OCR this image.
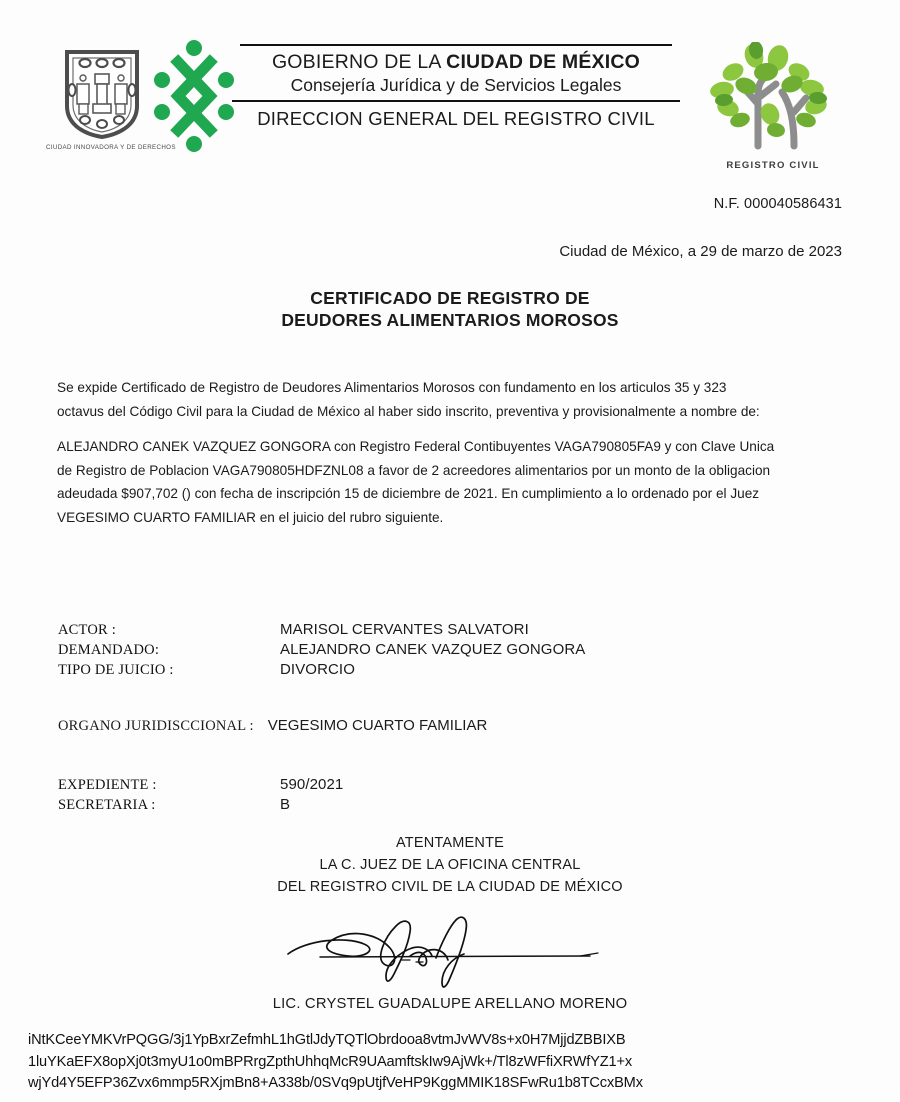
CIUDAD INNOVADORA Y DE DERECHOS
GOBIERNO DE LA CIUDAD DE MÉXICO
Consejería Jurídica y de Servicios Legales
DIRECCION GENERAL DEL REGISTRO CIVIL
REGISTRO CIVIL
N.F. 000040586431
Ciudad de México, a 29 de marzo de 2023
CERTIFICADO DE REGISTRO DE
DEUDORES ALIMENTARIOS MOROSOS

Se expide Certificado de Registro de Deudores Alimentarios Morosos con fundamento en los articulos 35 y 323 octavus del Código Civil para la Ciudad de México al haber sido inscrito, preventiva y provisionalmente a nombre de:

ALEJANDRO CANEK VAZQUEZ GONGORA con Registro Federal Contibuyentes VAGA790805FA9 y con Clave Unica de Registro de Poblacion VAGA790805HDFZNL08 a favor de 2 acreedores alimentarios por un monto de la obligacion adeudada $907,702 () con fecha de inscripción 15 de diciembre de 2021. En cumplimiento a lo ordenado por el Juez VEGESIMO CUARTO FAMILIAR en el juicio del rubro siguiente.

ACTOR :	MARISOL CERVANTES SALVATORI
DEMANDADO:	ALEJANDRO CANEK VAZQUEZ GONGORA
TIPO DE JUICIO :	DIVORCIO
ORGANO JURIDISCCIONAL : VEGESIMO CUARTO FAMILIAR
EXPEDIENTE :	590/2021
SECRETARIA :	B
ATENTAMENTE
LA C. JUEZ DE LA OFICINA CENTRAL
DEL REGISTRO CIVIL DE LA CIUDAD DE MÉXICO
LIC. CRYSTEL GUADALUPE ARELLANO MORENO
iNtKCeeYMKVrPQGG/3j1YpBxrZefmhL1hGtlJdyTQTlObrdooa8vtmJvWV8s+x0H7MjjdZBBIXB
1luYKaEFX8opXj0t3myU1o0mBPRrgZpthUhhqMcR9UAamftskIw9AjWk+/Tl8zWFfiXRWfYZ1+x
wjYd4Y5EFP36Zvx6mmp5RXjmBn8+A338b/0SVq9pUtjfVeHP9KggMMIK18SFwRu1b8TCcxBMx
